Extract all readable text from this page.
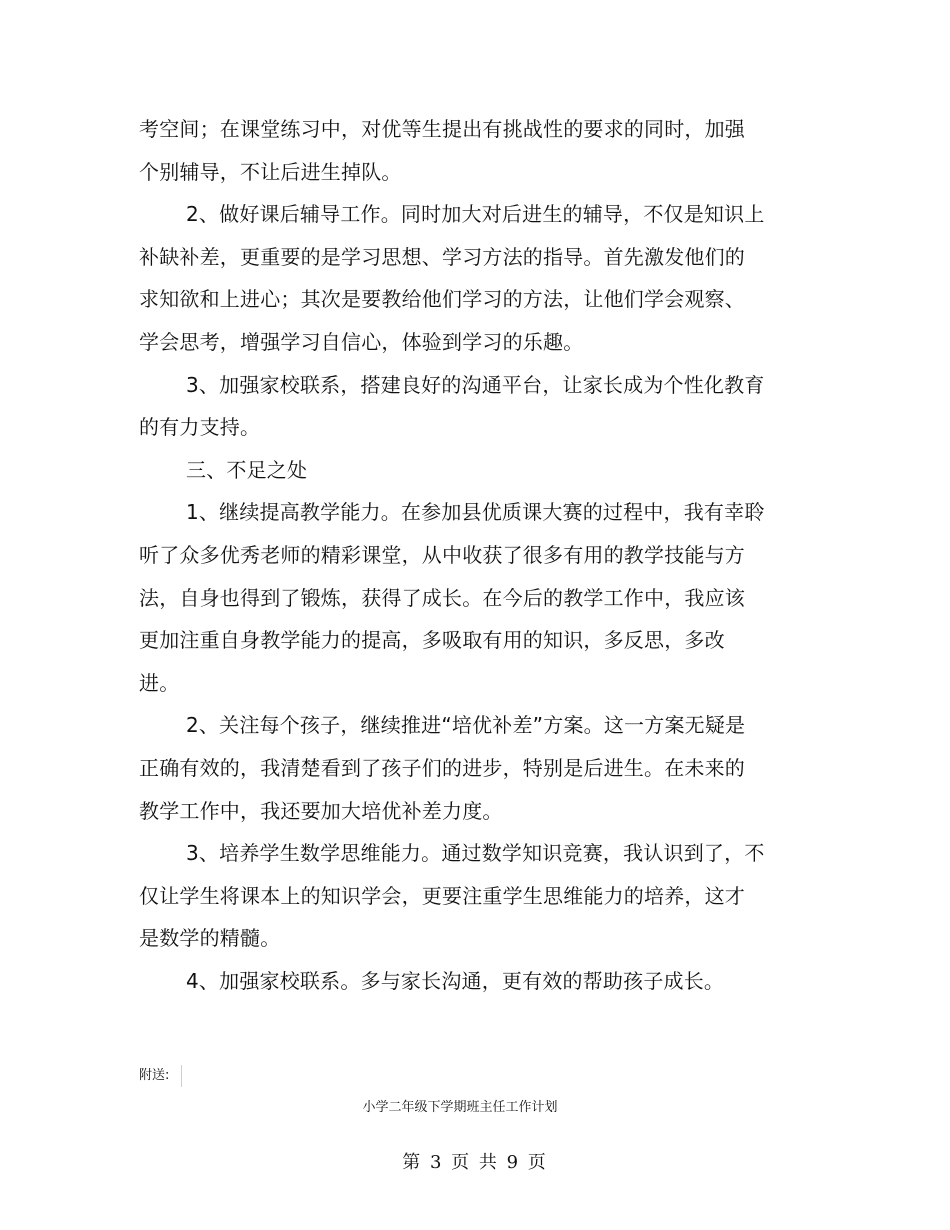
考空间；在课堂练习中，对优等生提出有挑战性的要求的同时，加强
个别辅导，不让后进生掉队。
2、做好课后辅导工作。同时加大对后进生的辅导，不仅是知识上
补缺补差，更重要的是学习思想、学习方法的指导。首先激发他们的
求知欲和上进心；其次是要教给他们学习的方法，让他们学会观察、
学会思考，增强学习自信心，体验到学习的乐趣。
3、加强家校联系，搭建良好的沟通平台，让家长成为个性化教育
的有力支持。
三、不足之处
1、继续提高教学能力。在参加县优质课大赛的过程中，我有幸聆
听了众多优秀老师的精彩课堂，从中收获了很多有用的教学技能与方
法，自身也得到了锻炼，获得了成长。在今后的教学工作中，我应该
更加注重自身教学能力的提高，多吸取有用的知识，多反思，多改
进。
2、关注每个孩子，继续推进“培优补差”方案。这一方案无疑是
正确有效的，我清楚看到了孩子们的进步，特别是后进生。在未来的
教学工作中，我还要加大培优补差力度。
3、培养学生数学思维能力。通过数学知识竞赛，我认识到了，不
仅让学生将课本上的知识学会，更要注重学生思维能力的培养，这才
是数学的精髓。
4、加强家校联系。多与家长沟通，更有效的帮助孩子成长。
附送:
小学二年级下学期班主任工作计划
第 3 页 共 9 页
